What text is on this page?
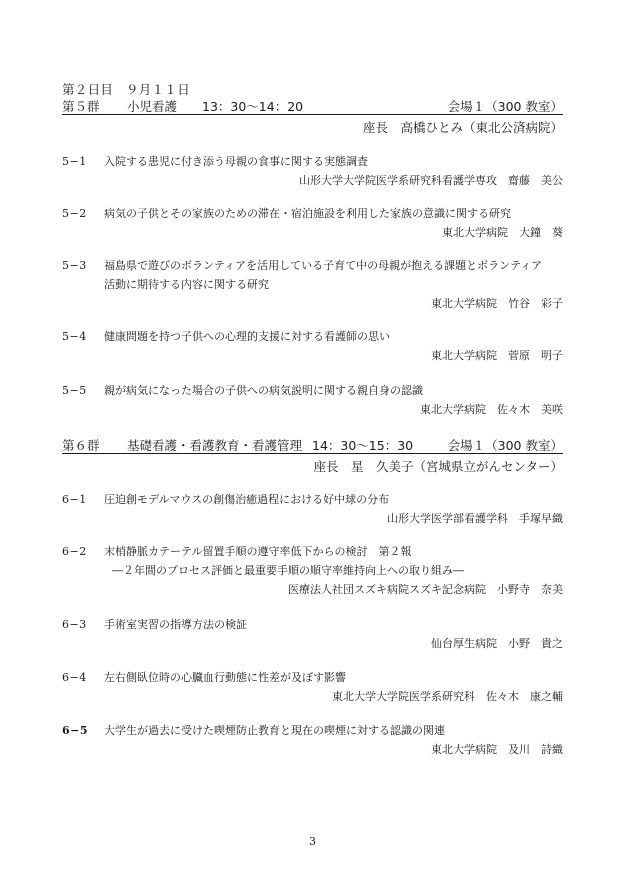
第２日目　９月１１日
第５群 小児看護 13：30〜14：20	会場１（300 教室）
座長　高橋ひとみ（東北公済病院）
5−1	入院する患児に付き添う母親の食事に関する実態調査
山形大学大学院医学系研究科看護学専攻　齋藤　美公
5−2	病気の子供とその家族のための滞在・宿泊施設を利用した家族の意識に関する研究
東北大学病院　大鐘　葵
5−3	福島県で遊びのボランティアを活用している子育て中の母親が抱える課題とボランティア
活動に期待する内容に関する研究
東北大学病院　竹谷　彩子
5−4	健康問題を持つ子供への心理的支援に対する看護師の思い
東北大学病院　菅原　明子
5−5	親が病気になった場合の子供への病気説明に関する親自身の認識
東北大学病院　佐々木　美咲
第６群 基礎看護・看護教育・看護管理 14：30〜15：30	会場１（300 教室）
座長　星　久美子（宮城県立がんセンター）
6−1	圧迫創モデルマウスの創傷治癒過程における好中球の分布
山形大学医学部看護学科　手塚早織
6−2	末梢静脈カテーテル留置手順の遵守率低下からの検討　第２報
―２年間のプロセス評価と最重要手順の順守率維持向上への取り組み―
医療法人社団スズキ病院スズキ記念病院　小野寺　奈美
6−3	手術室実習の指導方法の検証
仙台厚生病院　小野　貴之
6−4	左右側臥位時の心臓血行動態に性差が及ぼす影響
東北大学大学院医学系研究科　佐々木　康之輔
6−5	大学生が過去に受けた喫煙防止教育と現在の喫煙に対する認識の関連
東北大学病院　及川　詩織
3
